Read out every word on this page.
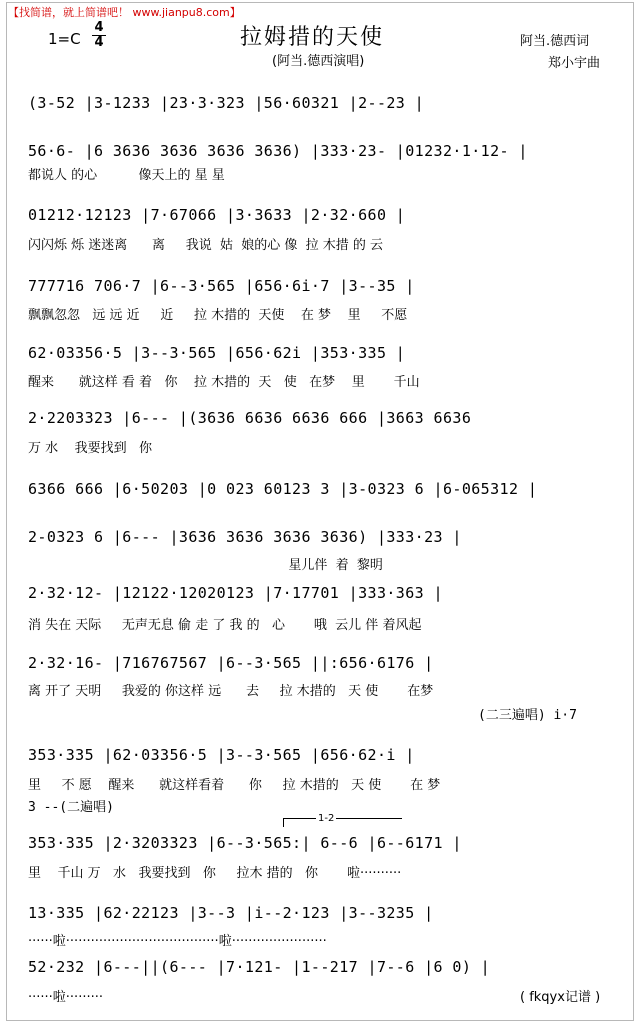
【找简谱，就上简谱吧！ www.jianpu8.com】
拉姆措的天使
(阿当.德西演唱)
1=C
4
4	阿当.德西词
郑小宇曲
(3-52 |3-1233 |23·3·323 |56·60321 |2--23 |
56·6- |6 3636 3636 3636 3636) |333·23- |01232·1·12- |
01212·12123 |7·67066 |3·3633 |2·32·660 |
777716 706·7 |6--3·565 |656·6i·7 |3--35 |
62·03356·5 |3--3·565 |656·62i |353·335 |
2·2203323 |6--- |(3636 6636 6636 666 |3663 6636
6366 666 |6·50203 |0 023 60123 3 |3-0323 6 |6-065312 |
2-0323 6 |6--- |3636 3636 3636 3636) |333·23 |
2·32·12- |12122·12020123 |7·17701 |333·363 |
2·32·16- |716767567 |6--3·565 ||:656·6176 |
353·335 |62·03356·5 |3--3·565 |656·62·i |
353·335 |2·3203323 |6--3·565:| 6--6 |6--6171 |
13·335 |62·22123 |3--3 |i--2·123 |3--3235 |
52·232 |6---||(6--- |7·121- |1--217 |7--6 |6 0) |
都说人 的心          像天上的 星 星
闪闪烁 烁 迷迷离      离     我说  姑  娘的心 像  拉 木措 的 云
飘飘忽忽   远 远 近     近     拉 木措的  天使    在 梦    里     不愿
醒来      就这样 看 着   你    拉 木措的  天   使   在梦    里       千山
万 水    我要找到   你
星儿伴  着  黎明
消 失在 天际     无声无息 偷 走 了 我 的   心       哦  云儿 伴 着风起
离 开了 天明     我爱的 你这样 远      去     拉 木措的   天 使       在梦
里     不 愿    醒来      就这样看着      你     拉 木措的   天 使       在 梦
里    千山 万   水   我要找到   你     拉木 措的   你       啦··········
······啦·····································啦·······················
······啦·········
(二三遍唱) i·7
3 --(二遍唱)
1-2
( fkqyx记谱 )
